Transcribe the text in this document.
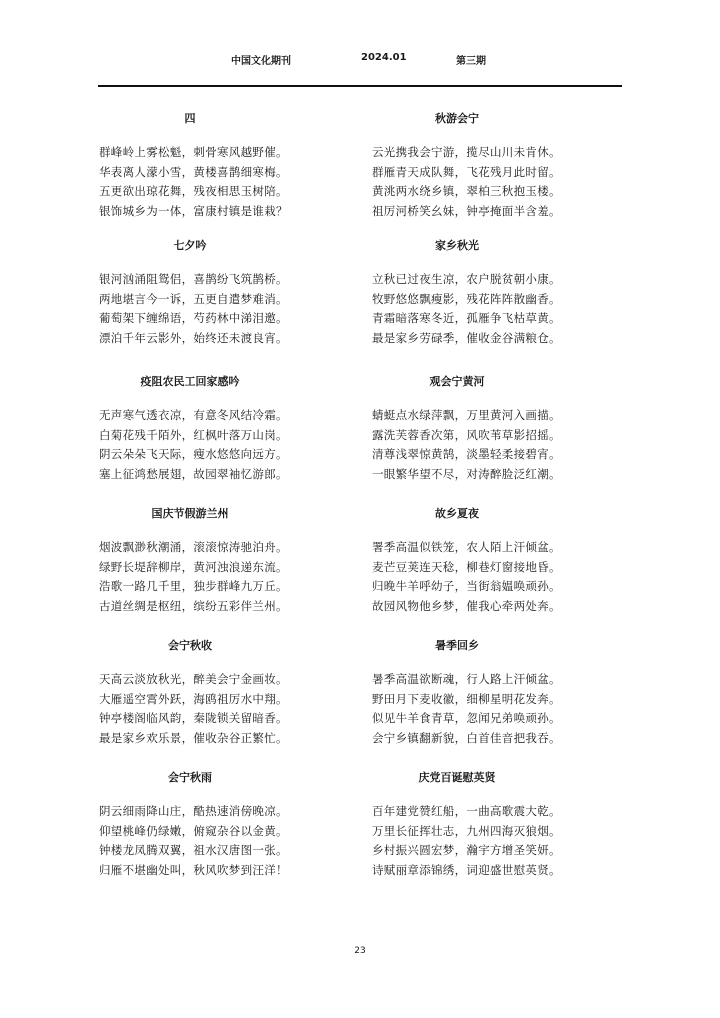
中国文化期刊	2024.01	第三期
四
群峰岭上雾松魁，刺骨寒风越野催。
华表离人濛小雪，黄楼喜鹊细寒梅。
五更欲出琼花舞，残夜相思玉树陪。
银饰城乡为一体，富康村镇是谁栽？
七夕吟
银河汹涌阻鸳侣，喜鹊纷飞筑鹊桥。
两地堪言今一诉，五更自遣梦难消。
葡萄架下缠绵语，芍药林中涕泪邀。
漂泊千年云影外，始终还未渡良宵。
疫阻农民工回家感吟
无声寒气透衣凉，有意冬风结冷霜。
白菊花残千陌外，红枫叶落万山岗。
阴云朵朵飞天际，瘦水悠悠向远方。
塞上征鸿愁展翅，故园翠袖忆游郎。
国庆节假游兰州
烟波飘渺秋潮涌，滚滚惊涛驰泊舟。
绿野长堤辞柳岸，黄河浊浪递东流。
浩歌一路几千里，独步群峰九万丘。
古道丝绸是枢纽，缤纷五彩伴兰州。
会宁秋收
天高云淡放秋光，醉美会宁金画妆。
大雁遥空霄外跃，海鸥祖厉水中翔。
钟亭楼阁临风韵，秦陇锁关留暗香。
最是家乡欢乐景，催收杂谷正繁忙。
会宁秋雨
阴云细雨降山庄，酷热速消傍晚凉。
仰望桃峰仍绿嫩，俯窥杂谷以金黄。
钟楼龙凤腾双翼，祖水汉唐图一张。
归雁不堪幽处叫，秋风吹梦到汪洋！
秋游会宁
云光携我会宁游，揽尽山川未肯休。
群雁青天成队舞，飞花残月此时留。
黄洮两水绕乡镇，翠柏三秋抱玉楼。
祖厉河桥笑幺妹，钟亭掩面半含羞。
家乡秋光
立秋已过夜生凉，农户脱贫朝小康。
牧野悠悠飘瘦影，残花阵阵散幽香。
青霜暗落寒冬近，孤雁争飞枯草黄。
最是家乡劳碌季，催收金谷满粮仓。
观会宁黄河
蜻蜓点水绿萍飘，万里黄河入画描。
露洗芙蓉香次第，风吹苇草影招摇。
清尊浅翠惊黄鹄，淡墨轻柔接碧宵。
一眼繁华望不尽，对涛醉脸泛红潮。
故乡夏夜
署季高温似铁笼，农人陌上汗倾盆。
麦芒豆荚连天稔，柳巷灯窗接地昏。
归晚牛羊呼幼子，当街翁媪唤顽孙。
故园风物他乡梦，催我心牵两处奔。
暑季回乡
暑季高温欲断魂，行人路上汗倾盆。
野田月下麦收徽，细柳星明花发奔。
似见牛羊食青草，忽闻兄弟唤顽孙。
会宁乡镇翻新貌，白首佳音把我吞。
庆党百诞慰英贤
百年建党赞红船，一曲高歌震大乾。
万里长征挥壮志，九州四海灭狼烟。
乡村振兴圆宏梦，瀚宇方增圣笑妍。
诗赋丽章添锦绣，词迎盛世慰英贤。
23
